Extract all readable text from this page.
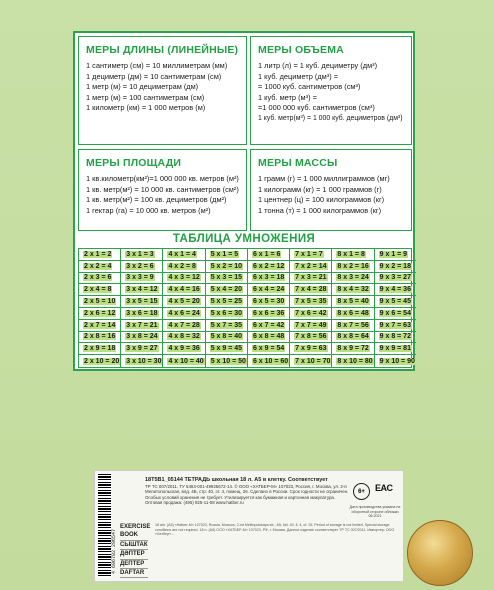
МЕРЫ ДЛИНЫ (ЛИНЕЙНЫЕ)
1 сантиметр (см) = 10 миллиметрам (мм)
1 дециметр (дм) = 10 сантиметрам (см)
1 метр (м) = 10 дециметрам (дм)
1 метр (м) = 100 сантиметрам (см)
1 километр (км) = 1 000 метров (м)
МЕРЫ ОБЪЕМА
1 литр (л) = 1 куб. дециметру (дм³)
1 куб. дециметр (дм³) =
= 1000 куб. сантиметров (см³)
1 куб. метр (м³) =
=1 000 000 куб. сантиметров (см³)
1 куб. метр(м³) = 1 000 куб. дециметров (дм³)
МЕРЫ ПЛОЩАДИ
1 кв.километр(км²)=1 000 000 кв. метров (м²)
1 кв. метр(м²) = 10 000 кв. сантиметров (см²)
1 кв. метр(м²) = 100 кв. дециметров (дм²)
1 гектар (га) = 10 000 кв. метров (м²)
МЕРЫ МАССЫ
1 грамм (г) = 1 000 миллиграммов (мг)
1 килограмм (кг) = 1 000 граммов (г)
1 центнер (ц) = 100 килограммов (кг)
1 тонна (т) = 1 000 килограммов (кг)
ТАБЛИЦА УМНОЖЕНИЯ
2 x 1 = 2 3 x 1 = 3 4 x 1 = 4 5 x 1 = 5 6 x 1 = 6 7 x 1 = 7 8 x 1 = 8 9 x 1 = 9
2 x 2 = 4 3 x 2 = 6 4 x 2 = 8 5 x 2 = 10 6 x 2 = 12 7 x 2 = 14 8 x 2 = 16 9 x 2 = 18
2 x 3 = 6 3 x 3 = 9 4 x 3 = 12 5 x 3 = 15 6 x 3 = 18 7 x 3 = 21 8 x 3 = 24 9 x 3 = 27
2 x 4 = 8 3 x 4 = 12 4 x 4 = 16 5 x 4 = 20 6 x 4 = 24 7 x 4 = 28 8 x 4 = 32 9 x 4 = 36
2 x 5 = 10 3 x 5 = 15 4 x 5 = 20 5 x 5 = 25 6 x 5 = 30 7 x 5 = 35 8 x 5 = 40 9 x 5 = 45
2 x 6 = 12 3 x 6 = 18 4 x 6 = 24 5 x 6 = 30 6 x 6 = 36 7 x 6 = 42 8 x 6 = 48 9 x 6 = 54
2 x 7 = 14 3 x 7 = 21 4 x 7 = 28 5 x 7 = 35 6 x 7 = 42 7 x 7 = 49 8 x 7 = 56 9 x 7 = 63
2 x 8 = 16 3 x 8 = 24 4 x 8 = 32 5 x 8 = 40 6 x 8 = 48 7 x 8 = 56 8 x 8 = 64 9 x 8 = 72
2 x 9 = 18 3 x 9 = 27 4 x 9 = 36 5 x 9 = 45 6 x 9 = 54 7 x 9 = 63 8 x 9 = 72 9 x 9 = 81
2 x 10 = 20 3 x 10 = 30 4 x 10 = 40 5 x 10 = 50 6 x 10 = 60 7 x 10 = 70 8 x 10 = 80 9 x 10 = 90
4 606782 296547
EXERCISE BOOK
СЫШТАК
ДӘПТЕР
ДЕПТЕР
DAFTAR
18Т5В1_05144 ТЕТРАДЬ школьная 18 л. А5 в клетку. Соответствует
ТР ТС 007/2011. ТУ 5463-001-49925672-14. © ООО «ХАТБЕР-М» 107023, Россия, г. Москва, ул. 2-я Мелитопольская, влд. 4Б, стр. 40, эт. 4, помещ. 26. Сделано в России. Срок годности не ограничен. Особых условий хранения не требует. Утилизируется как бумажная и картонная макулатура. Оптовая продажа: (495) 925-11-08 www.hatber.ru
18 ark. (A5) «Hatber-M» 107023, Russia, Moscow, 2-nd Melitopolskaya str., 4B, bld. 40, fl. 4, of. 26. Period of storage is not limited. Special storage conditions are not required. 18 п. (A5) ООО «ХАТБЕР-М» 107023, РФ, г. Москва. Данное изделие соответствует ТР ТС 007/2011. Импортер: ООО «Хатбер»…
6+	EAC
Дата производства указана на оборотной стороне обложки 06.2021
